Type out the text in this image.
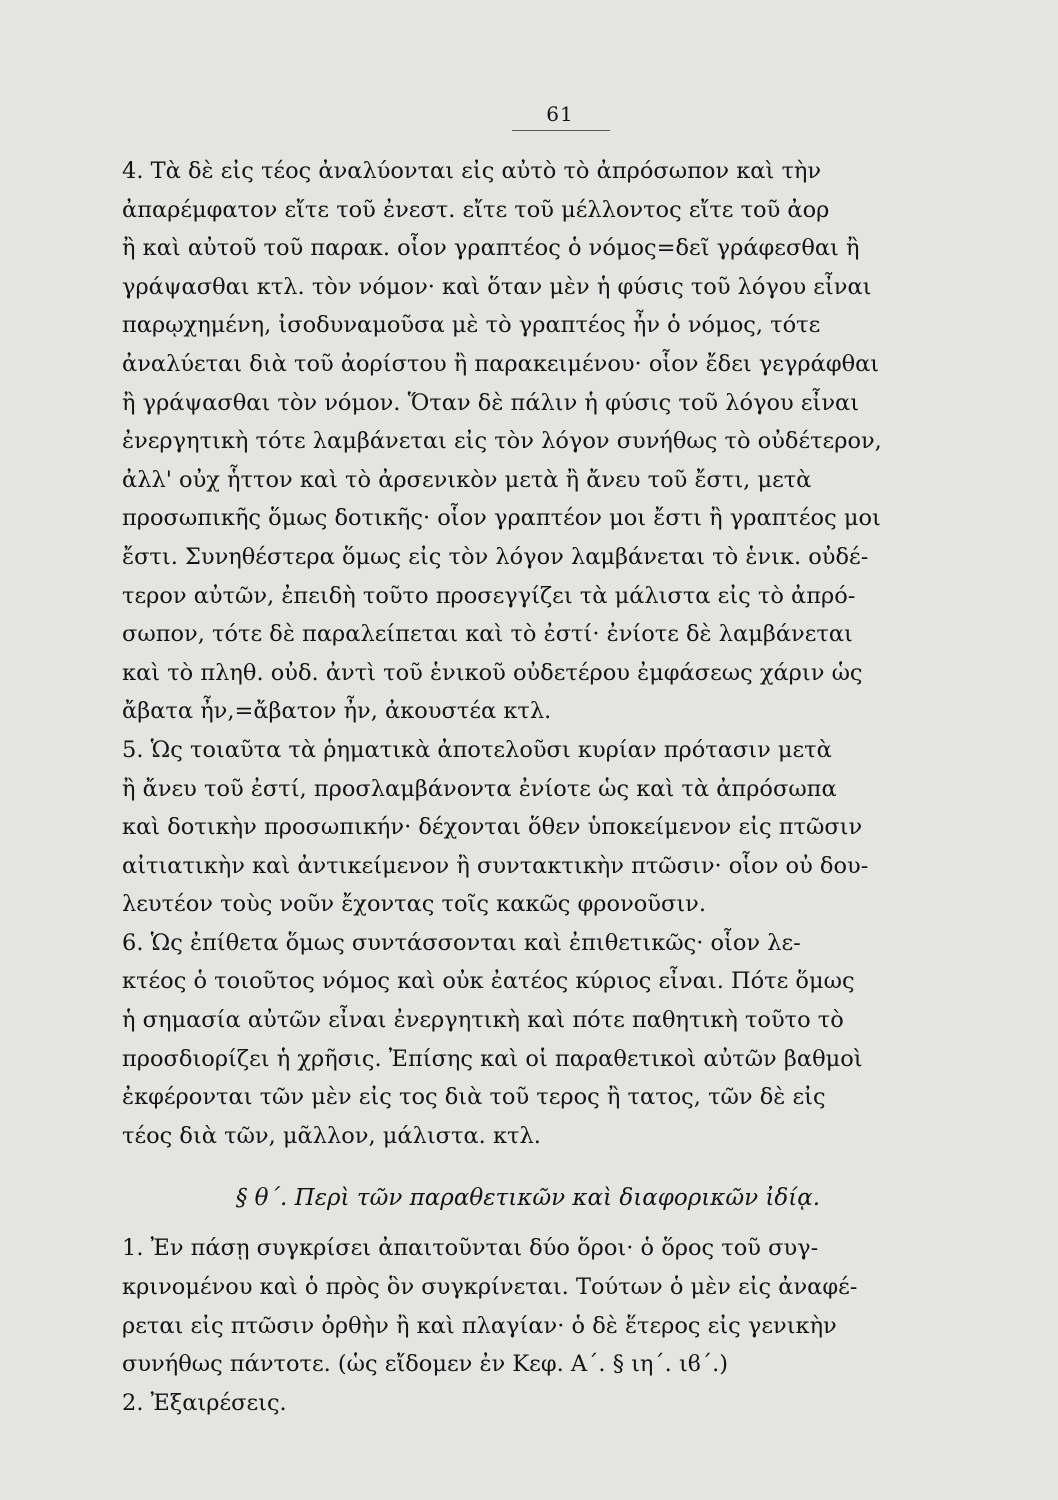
61
4. Τὰ δὲ εἰς τέος ἀναλύονται εἰς αὐτὸ τὸ ἀπρόσωπον καὶ τὴν
ἀπαρέμφατον εἴτε τοῦ ἐνεστ. εἴτε τοῦ μέλλοντος εἴτε τοῦ ἀορ
ἢ καὶ αὐτοῦ τοῦ παρακ. οἷον γραπτέος ὁ νόμος=δεῖ γράφεσθαι ἢ
γράψασθαι κτλ. τὸν νόμον· καὶ ὅταν μὲν ἡ φύσις τοῦ λόγου εἶναι
παρῳχημένη, ἰσοδυναμοῦσα μὲ τὸ γραπτέος ἦν ὁ νόμος, τότε
ἀναλύεται διὰ τοῦ ἀορίστου ἢ παρακειμένου· οἷον ἔδει γεγράφθαι
ἢ γράψασθαι τὸν νόμον. Ὅταν δὲ πάλιν ἡ φύσις τοῦ λόγου εἶναι
ἐνεργητικὴ τότε λαμβάνεται εἰς τὸν λόγον συνήθως τὸ οὐδέτερον,
ἀλλ' οὐχ ἧττον καὶ τὸ ἀρσενικὸν μετὰ ἢ ἄνευ τοῦ ἔστι, μετὰ
προσωπικῆς ὅμως δοτικῆς· οἷον γραπτέον μοι ἔστι ἢ γραπτέος μοι
ἔστι. Συνηθέστερα ὅμως εἰς τὸν λόγον λαμβάνεται τὸ ἑνικ. οὐδέ-
τερον αὐτῶν, ἐπειδὴ τοῦτο προσεγγίζει τὰ μάλιστα εἰς τὸ ἀπρό-
σωπον, τότε δὲ παραλείπεται καὶ τὸ ἐστί· ἐνίοτε δὲ λαμβάνεται
καὶ τὸ πληθ. οὐδ. ἀντὶ τοῦ ἑνικοῦ οὐδετέρου ἐμφάσεως χάριν ὡς
ἄβατα ἦν,=ἄβατον ἦν, ἀκουστέα κτλ.
5. Ὡς τοιαῦτα τὰ ῥηματικὰ ἀποτελοῦσι κυρίαν πρότασιν μετὰ
ἢ ἄνευ τοῦ ἐστί, προσλαμβάνοντα ἐνίοτε ὡς καὶ τὰ ἀπρόσωπα
καὶ δοτικὴν προσωπικήν· δέχονται ὅθεν ὑποκείμενον εἰς πτῶσιν
αἰτιατικὴν καὶ ἀντικείμενον ἢ συντακτικὴν πτῶσιν· οἷον οὐ δου-
λευτέον τοὺς νοῦν ἔχοντας τοῖς κακῶς φρονοῦσιν.
6. Ὡς ἐπίθετα ὅμως συντάσσονται καὶ ἐπιθετικῶς· οἷον λε-
κτέος ὁ τοιοῦτος νόμος καὶ οὐκ ἐατέος κύριος εἶναι. Πότε ὅμως
ἡ σημασία αὐτῶν εἶναι ἐνεργητικὴ καὶ πότε παθητικὴ τοῦτο τὸ
προσδιορίζει ἡ χρῆσις. Ἐπίσης καὶ οἱ παραθετικοὶ αὐτῶν βαθμοὶ
ἐκφέρονται τῶν μὲν εἰς τος διὰ τοῦ τερος ἢ τατος, τῶν δὲ εἰς
τέος διὰ τῶν, μᾶλλον, μάλιστα. κτλ.
§ θ΄. Περὶ τῶν παραθετικῶν καὶ διαφορικῶν ἰδίᾳ.
1. Ἐν πάσῃ συγκρίσει ἀπαιτοῦνται δύο ὅροι· ὁ ὅρος τοῦ συγ-
κρινομένου καὶ ὁ πρὸς ὃν συγκρίνεται. Τούτων ὁ μὲν εἰς ἀναφέ-
ρεται εἰς πτῶσιν ὀρθὴν ἢ καὶ πλαγίαν· ὁ δὲ ἕτερος εἰς γενικὴν
συνήθως πάντοτε. (ὡς εἴδομεν ἐν Κεφ. Α΄. § ιη΄. ιϐ΄.)
2. Ἐξαιρέσεις.
